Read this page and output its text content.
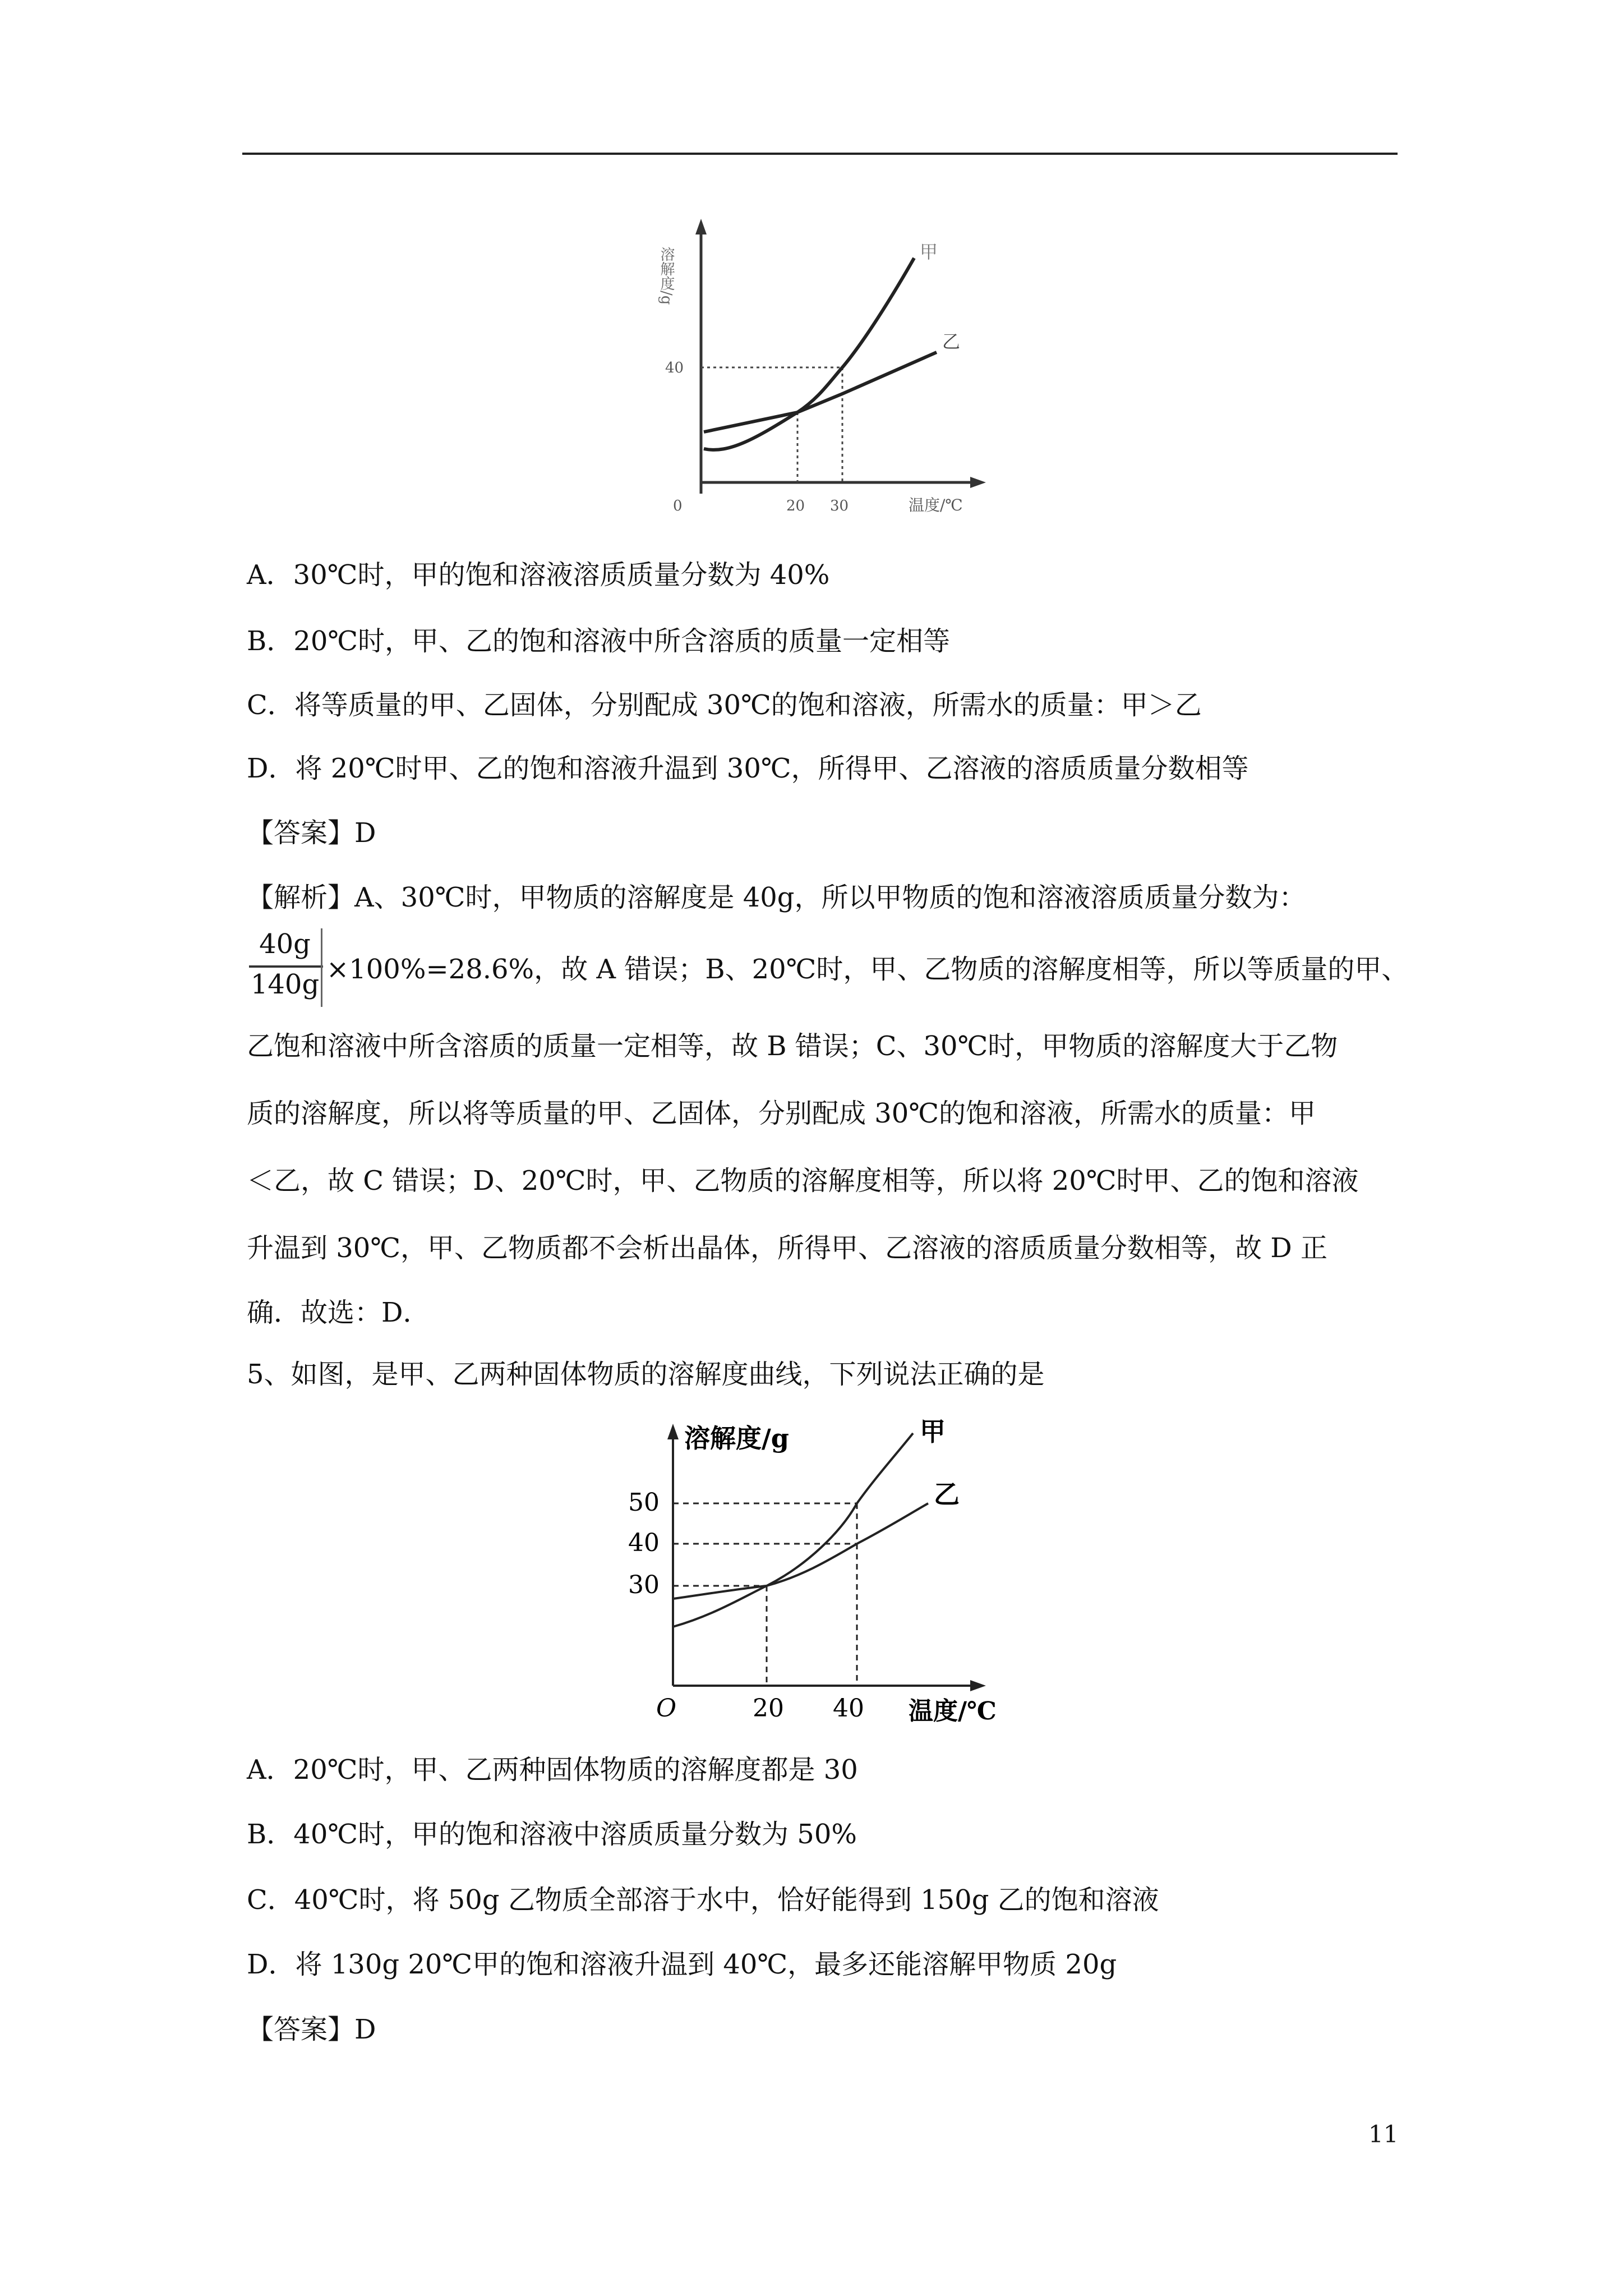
溶解度/g
40
0	20 30	温度/℃
甲
乙
A．30℃时，甲的饱和溶液溶质质量分数为 40%
B．20℃时，甲、乙的饱和溶液中所含溶质的质量一定相等
C．将等质量的甲、乙固体，分别配成 30℃的饱和溶液，所需水的质量：甲＞乙
D．将 20℃时甲、乙的饱和溶液升温到 30℃，所得甲、乙溶液的溶质质量分数相等
【答案】D
【解析】A、30℃时，甲物质的溶解度是 40g，所以甲物质的饱和溶液溶质质量分数为：
40g
140g ×100%=28.6%，故 A 错误；B、20℃时，甲、乙物质的溶解度相等，所以等质量的甲、
乙饱和溶液中所含溶质的质量一定相等，故 B 错误；C、30℃时，甲物质的溶解度大于乙物
质的溶解度，所以将等质量的甲、乙固体，分别配成 30℃的饱和溶液，所需水的质量：甲
＜乙，故 C 错误；D、20℃时，甲、乙物质的溶解度相等，所以将 20℃时甲、乙的饱和溶液
升温到 30℃，甲、乙物质都不会析出晶体，所得甲、乙溶液的溶质质量分数相等，故 D 正
确．故选：D．
5、如图，是甲、乙两种固体物质的溶解度曲线，下列说法正确的是
溶解度/g
50
40
30
O	20 40 温度/℃
甲
乙
A．20℃时，甲、乙两种固体物质的溶解度都是 30
B．40℃时，甲的饱和溶液中溶质质量分数为 50%
C．40℃时，将 50g 乙物质全部溶于水中，恰好能得到 150g 乙的饱和溶液
D．将 130g 20℃甲的饱和溶液升温到 40℃，最多还能溶解甲物质 20g
【答案】D
11
